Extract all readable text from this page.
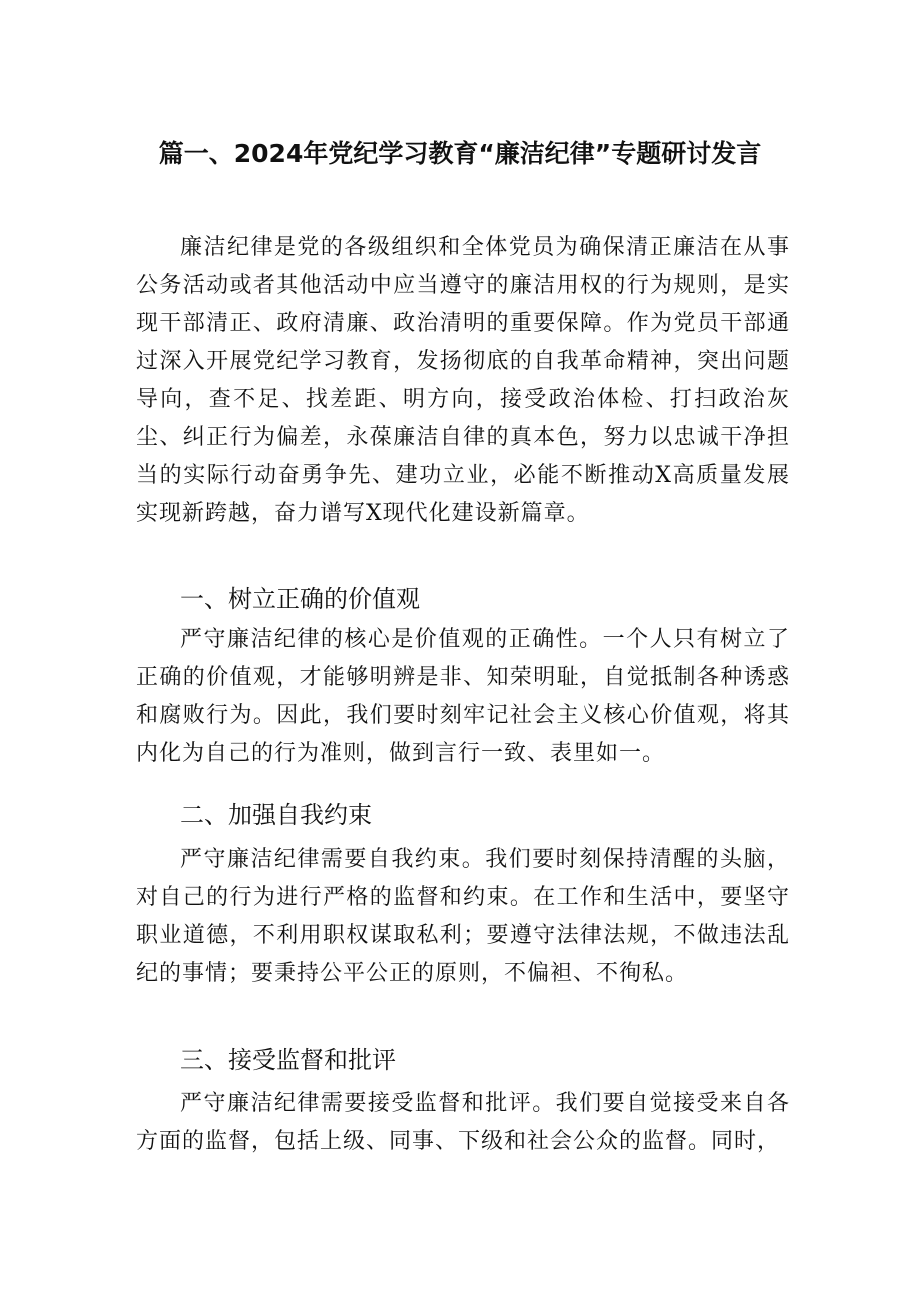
篇一、2024年党纪学习教育“廉洁纪律”专题研讨发言

廉洁纪律是党的各级组织和全体党员为确保清正廉洁在从事公务活动或者其他活动中应当遵守的廉洁用权的行为规则，是实现干部清正、政府清廉、政治清明的重要保障。作为党员干部通过深入开展党纪学习教育，发扬彻底的自我革命精神，突出问题导向，查不足、找差距、明方向，接受政治体检、打扫政治灰尘、纠正行为偏差，永葆廉洁自律的真本色，努力以忠诚干净担当的实际行动奋勇争先、建功立业，必能不断推动X高质量发展实现新跨越，奋力谱写X现代化建设新篇章。

一、树立正确的价值观

严守廉洁纪律的核心是价值观的正确性。一个人只有树立了正确的价值观，才能够明辨是非、知荣明耻，自觉抵制各种诱惑和腐败行为。因此，我们要时刻牢记社会主义核心价值观，将其内化为自己的行为准则，做到言行一致、表里如一。

二、加强自我约束

严守廉洁纪律需要自我约束。我们要时刻保持清醒的头脑，对自己的行为进行严格的监督和约束。在工作和生活中，要坚守职业道德，不利用职权谋取私利；要遵守法律法规，不做违法乱纪的事情；要秉持公平公正的原则，不偏袒、不徇私。

三、接受监督和批评

严守廉洁纪律需要接受监督和批评。我们要自觉接受来自各方面的监督，包括上级、同事、下级和社会公众的监督。同时，
